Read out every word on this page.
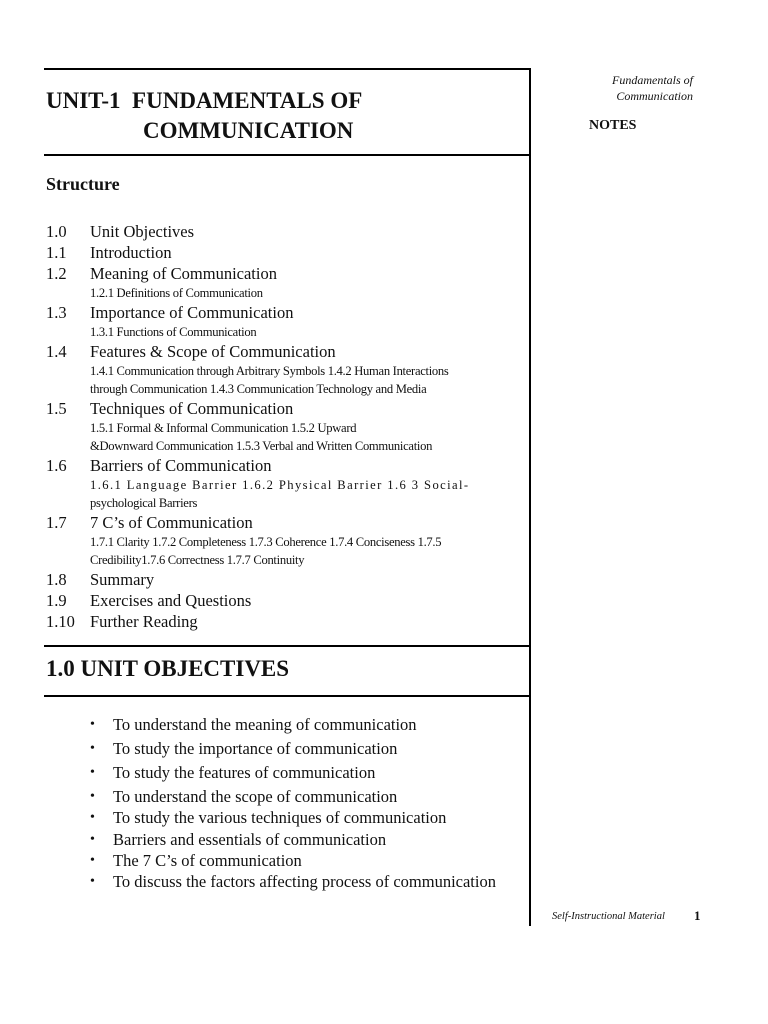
Fundamentals of
Communication
NOTES
UNIT-1  FUNDAMENTALS OF
COMMUNICATION
Structure
1.0	Unit Objectives
1.1	Introduction
1.2	Meaning of Communication
1.2.1 Definitions of Communication
1.3	Importance of Communication
1.3.1 Functions of Communication
1.4	Features & Scope of Communication
1.4.1 Communication through Arbitrary Symbols 1.4.2 Human Interactions
through Communication 1.4.3 Communication Technology and Media
1.5	Techniques of Communication
1.5.1 Formal & Informal Communication 1.5.2 Upward
&Downward Communication 1.5.3 Verbal and Written Communication
1.6	Barriers of Communication
1.6.1 Language Barrier 1.6.2 Physical Barrier 1.6 3 Social-
psychological Barriers
1.7	7 C’s of Communication
1.7.1 Clarity 1.7.2 Completeness 1.7.3 Coherence 1.7.4 Conciseness 1.7.5
Credibility1.7.6 Correctness 1.7.7 Continuity
1.8	Summary
1.9	Exercises and Questions
1.10 Further Reading
1.0 UNIT OBJECTIVES
•	To understand the meaning of communication
•	To study the importance of communication
•	To study the features of communication
•	To understand the scope of communication
•	To study the various techniques of communication
•	Barriers and essentials of communication
•	The 7 C’s of communication
•	To discuss the factors affecting process of communication
Self-Instructional Material 1
